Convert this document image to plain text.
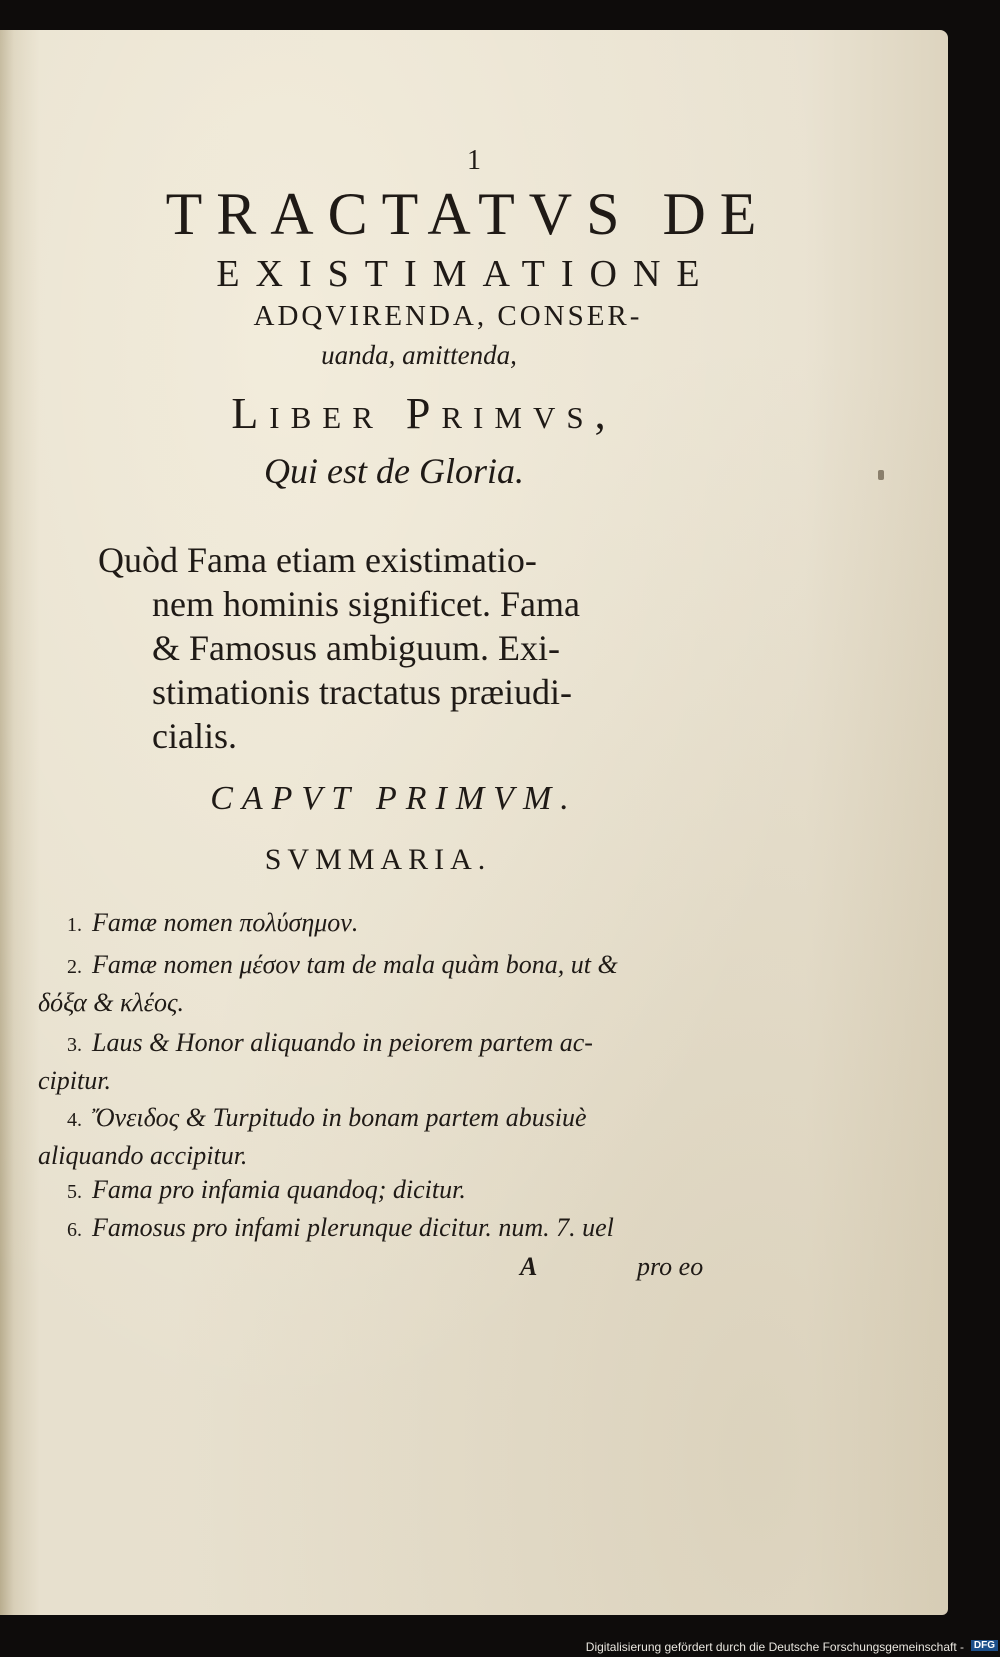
1
TRACTATVS DE
EXISTIMATIONE
ADQVIRENDA, CONSER-
uanda, amittenda,
Liber Primvs,
Qui est de Gloria.
Quòd Fama etiam existimatio-
nem hominis significet. Fama
& Famosus ambiguum. Exi-
stimationis tractatus præiudi-
cialis.
CAPVT PRIMVM.
SVMMARIA.
1. Famæ nomen πολύσημον.
2. Famæ nomen μέσον tam de mala quàm bona, ut &
δόξα & κλέος.
3. Laus & Honor aliquando in peiorem partem ac-
cipitur.
4. Ὄνειδος & Turpitudo in bonam partem abusiuè
aliquando accipitur.
5. Fama pro infamia quandoq; dicitur.
6. Famosus pro infami plerunque dicitur. num. 7. uel
A	pro eo
Digitalisierung gefördert durch die Deutsche Forschungsgemeinschaft - DFG
